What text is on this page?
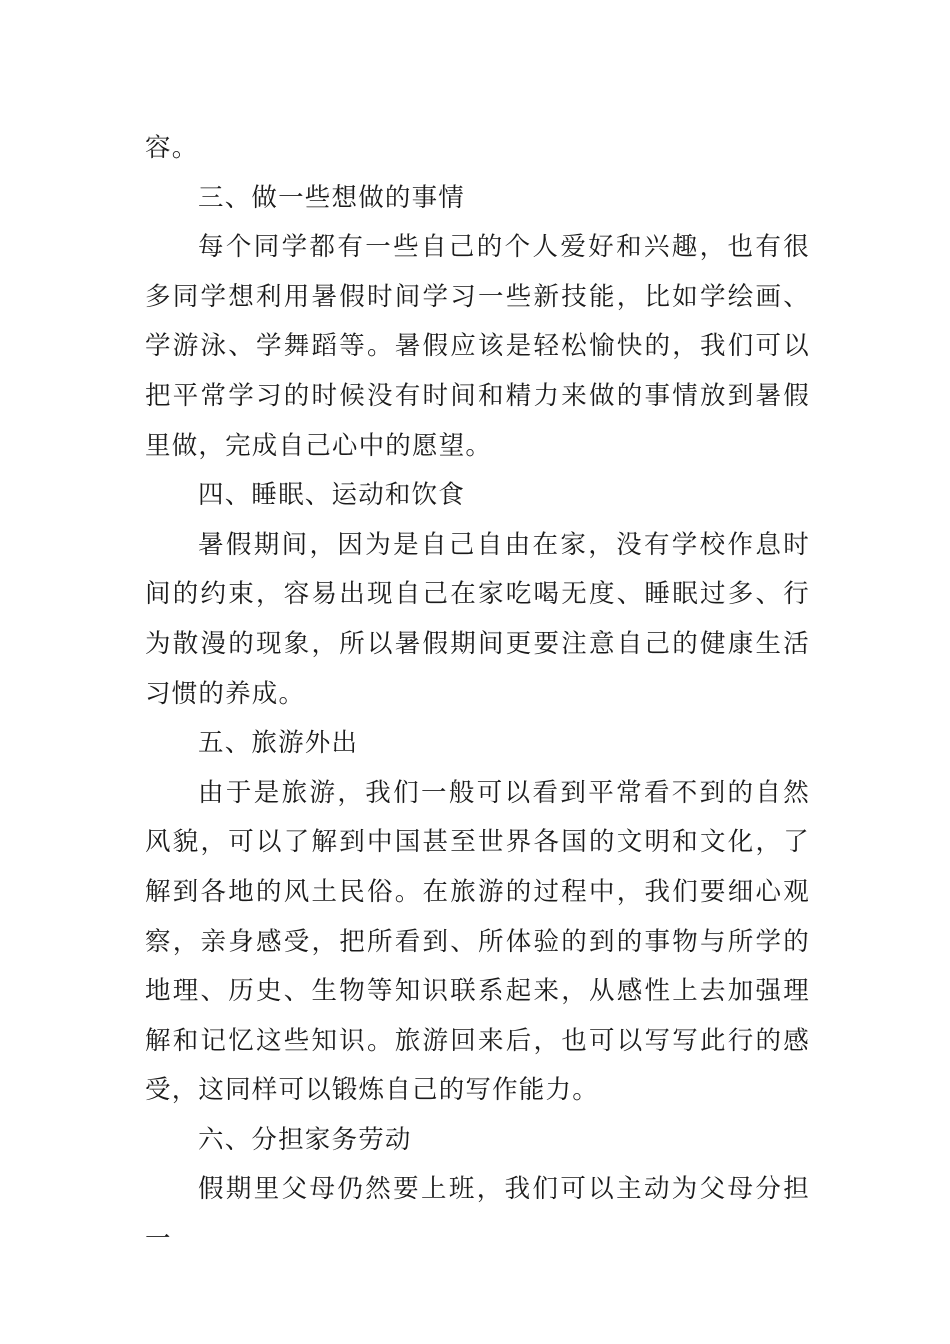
容。

三、做一些想做的事情

每个同学都有一些自己的个人爱好和兴趣，也有很多同学想利用暑假时间学习一些新技能，比如学绘画、学游泳、学舞蹈等。暑假应该是轻松愉快的，我们可以把平常学习的时候没有时间和精力来做的事情放到暑假里做，完成自己心中的愿望。

四、睡眠、运动和饮食

暑假期间，因为是自己自由在家，没有学校作息时间的约束，容易出现自己在家吃喝无度、睡眠过多、行为散漫的现象，所以暑假期间更要注意自己的健康生活习惯的养成。

五、旅游外出

由于是旅游，我们一般可以看到平常看不到的自然风貌，可以了解到中国甚至世界各国的文明和文化，了解到各地的风土民俗。在旅游的过程中，我们要细心观察，亲身感受，把所看到、所体验的到的事物与所学的地理、历史、生物等知识联系起来，从感性上去加强理解和记忆这些知识。旅游回来后，也可以写写此行的感受，这同样可以锻炼自己的写作能力。

六、分担家务劳动

假期里父母仍然要上班，我们可以主动为父母分担一
